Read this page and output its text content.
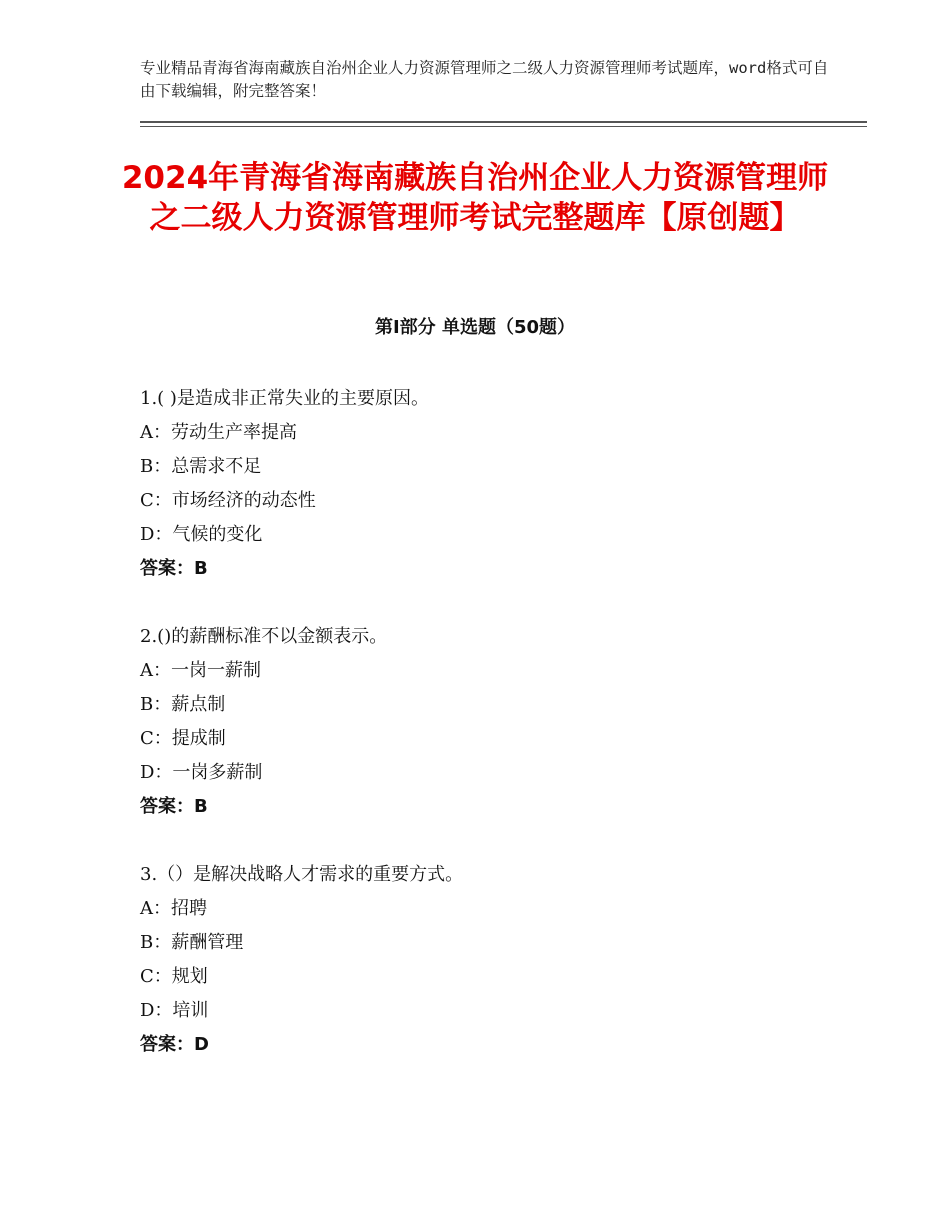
专业精品青海省海南藏族自治州企业人力资源管理师之二级人力资源管理师考试题库，word格式可自由下载编辑，附完整答案！
2024年青海省海南藏族自治州企业人力资源管理师之二级人力资源管理师考试完整题库【原创题】
第Ⅰ部分 单选题（50题）
1.( )是造成非正常失业的主要原因。
A：劳动生产率提高
B：总需求不足
C：市场经济的动态性
D：气候的变化
答案：B
2.()的薪酬标准不以金额表示。
A：一岗一薪制
B：薪点制
C：提成制
D：一岗多薪制
答案：B
3.（）是解决战略人才需求的重要方式。
A：招聘
B：薪酬管理
C：规划
D：培训
答案：D
